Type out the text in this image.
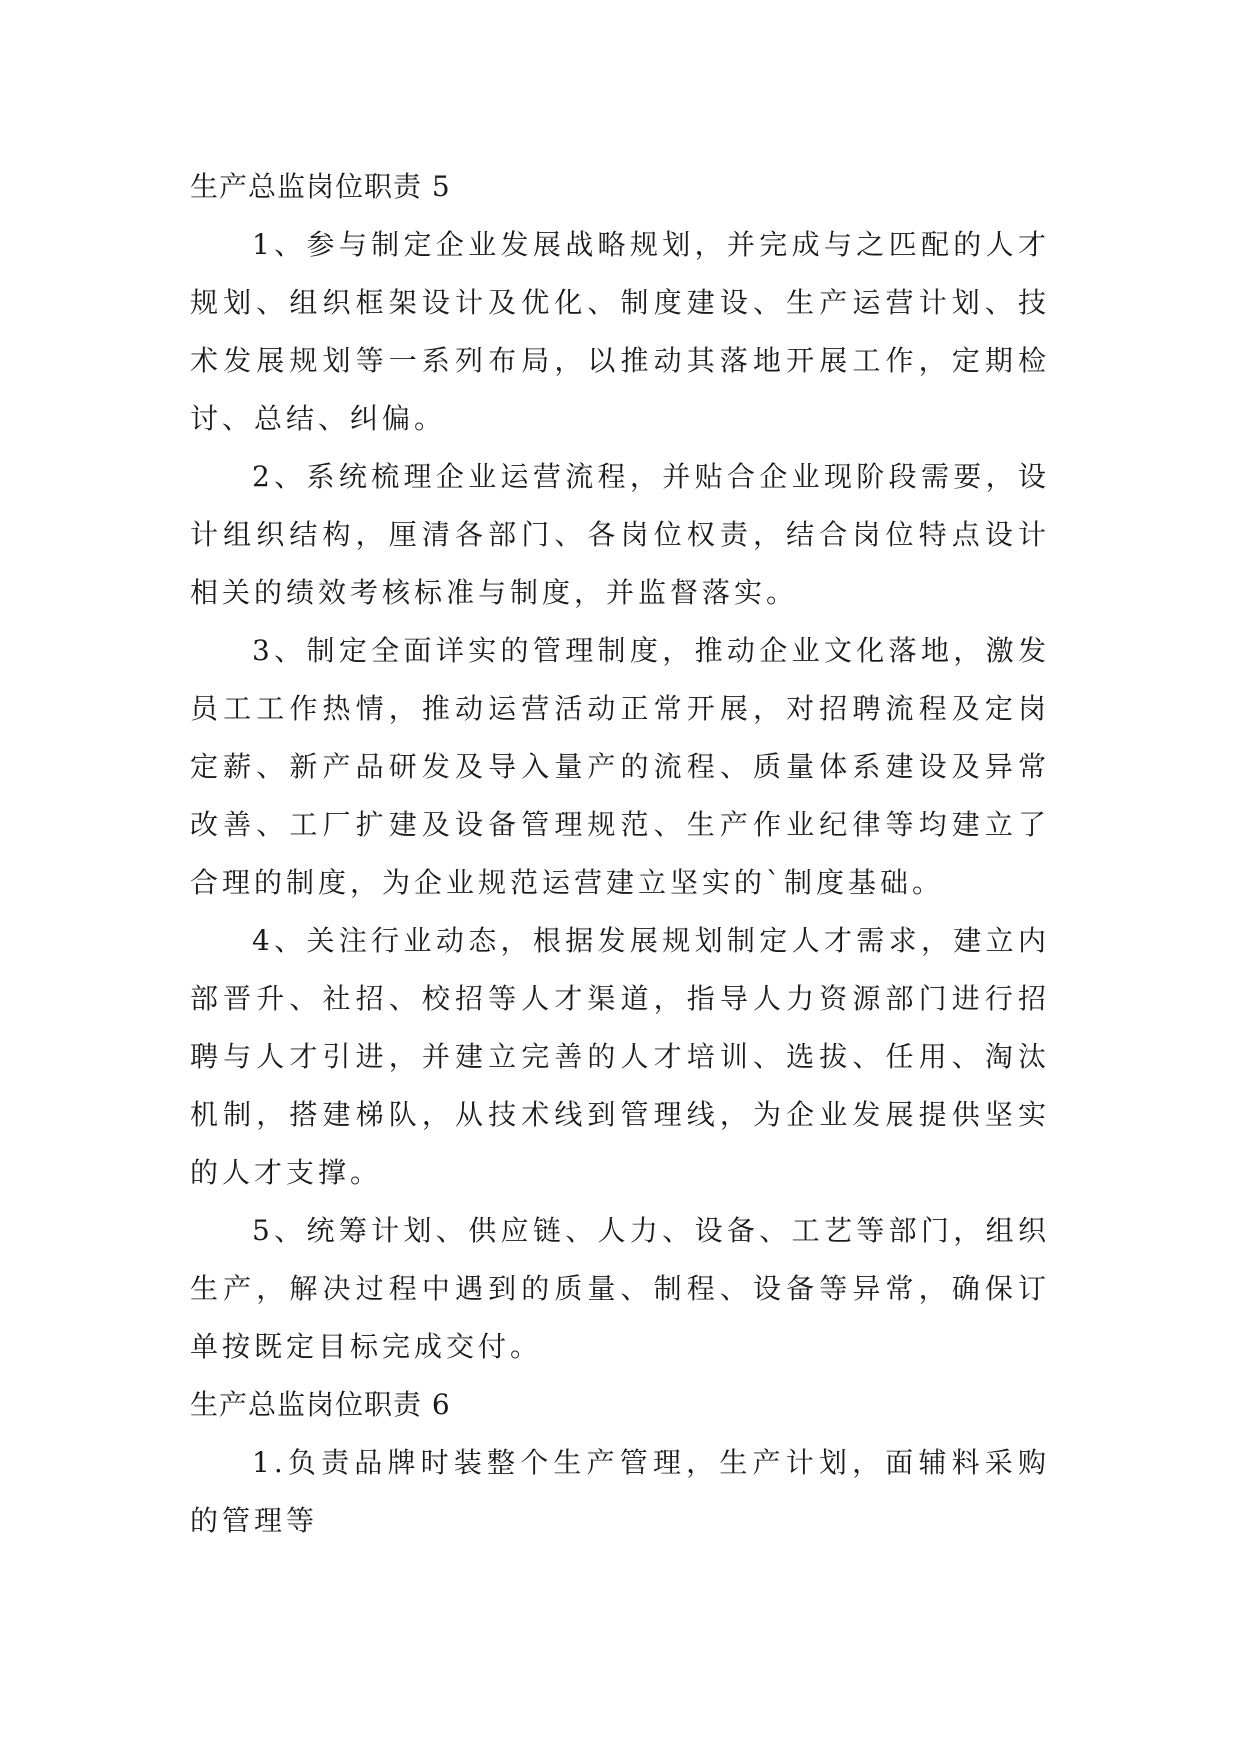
生产总监岗位职责 5

1、参与制定企业发展战略规划，并完成与之匹配的人才规划、组织框架设计及优化、制度建设、生产运营计划、技术发展规划等一系列布局，以推动其落地开展工作，定期检讨、总结、纠偏。

2、系统梳理企业运营流程，并贴合企业现阶段需要，设计组织结构，厘清各部门、各岗位权责，结合岗位特点设计相关的绩效考核标准与制度，并监督落实。

3、制定全面详实的管理制度，推动企业文化落地，激发员工工作热情，推动运营活动正常开展，对招聘流程及定岗定薪、新产品研发及导入量产的流程、质量体系建设及异常改善、工厂扩建及设备管理规范、生产作业纪律等均建立了合理的制度，为企业规范运营建立坚实的`制度基础。

4、关注行业动态，根据发展规划制定人才需求，建立内部晋升、社招、校招等人才渠道，指导人力资源部门进行招聘与人才引进，并建立完善的人才培训、选拔、任用、淘汰机制，搭建梯队，从技术线到管理线，为企业发展提供坚实的人才支撑。

5、统筹计划、供应链、人力、设备、工艺等部门，组织生产，解决过程中遇到的质量、制程、设备等异常，确保订单按既定目标完成交付。

生产总监岗位职责 6

1.负责品牌时装整个生产管理，生产计划，面辅料采购的管理等
